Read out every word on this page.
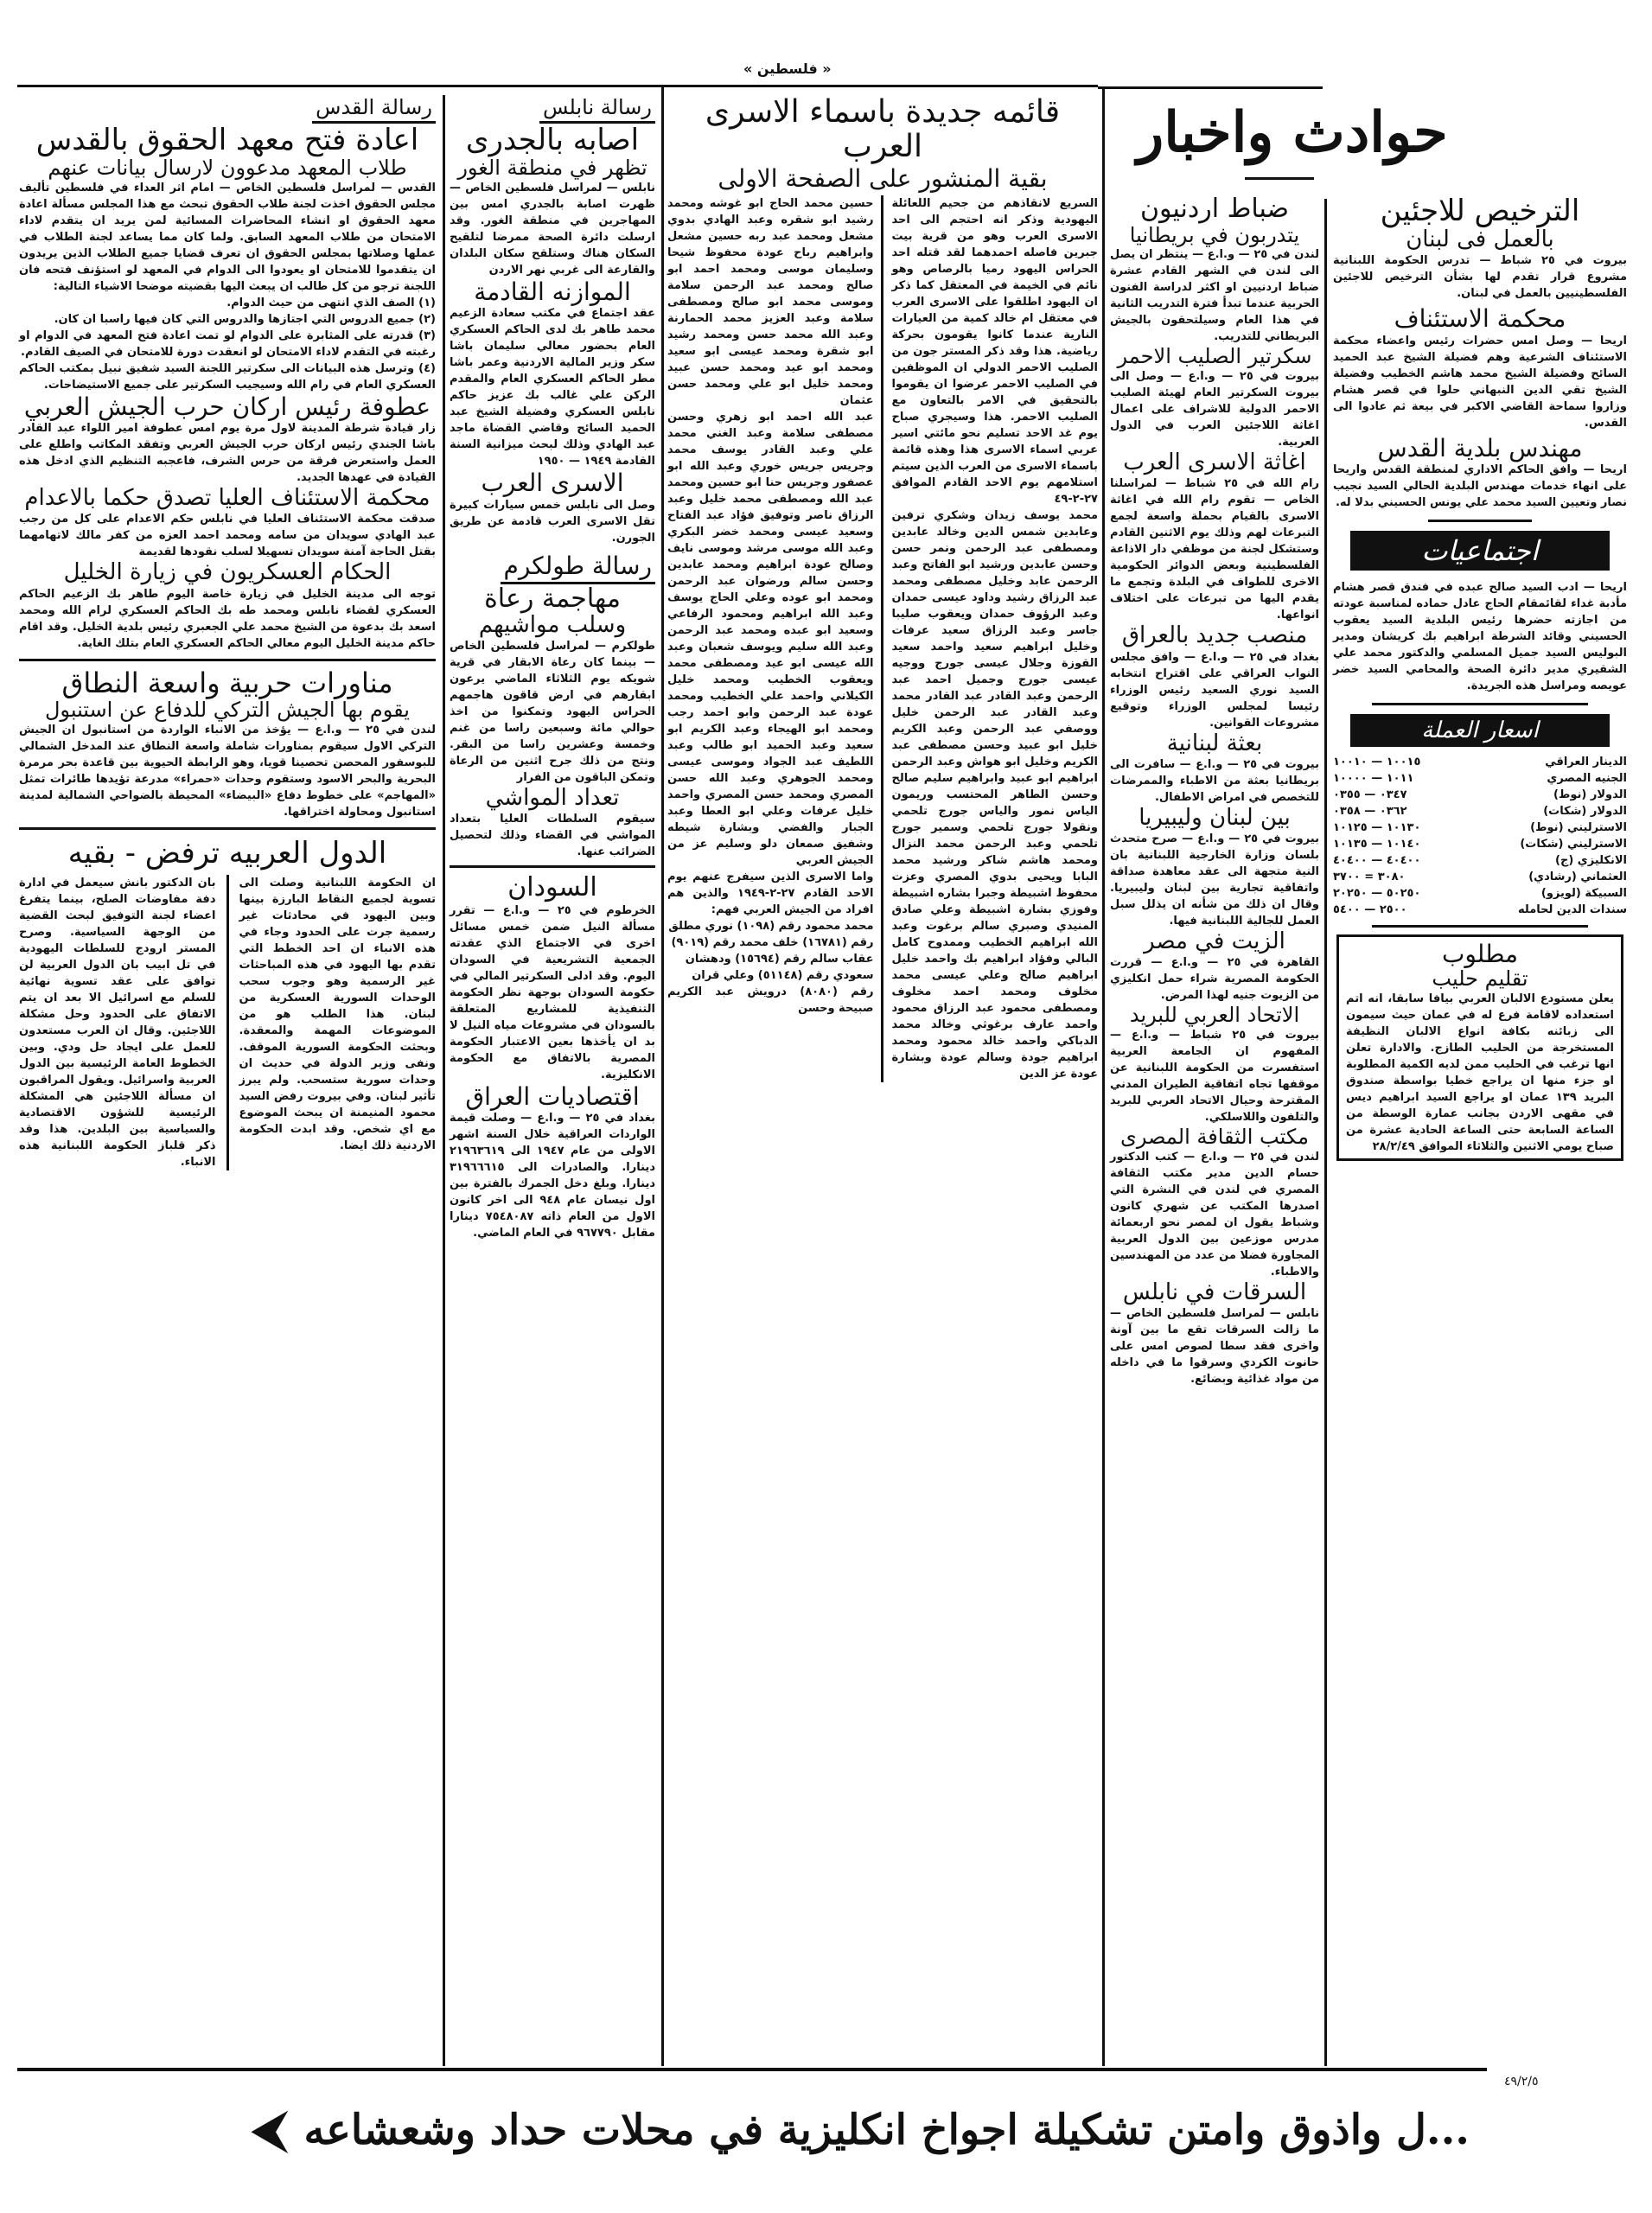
« فلسطين »
حوادث واخبار
الترخيص للاجئين
بالعمل فى لبنان

بيروت في ٢٥ شباط — تدرس الحكومة اللبنانية مشروع قرار تقدم لها بشأن الترخيص للاجئين الفلسطينيين بالعمل في لبنان.

محكمة الاستئناف

اريحا — وصل امس حضرات رئيس واعضاء محكمة الاستئناف الشرعية وهم فضيلة الشيخ عبد الحميد السائح وفضيلة الشيخ محمد هاشم الخطيب وفضيلة الشيخ تقي الدين النبهاني حلوا في قصر هشام وزاروا سماحة القاضي الاكبر في بيعة ثم عادوا الى القدس.

مهندس بلدية القدس

اريحا — وافق الحاكم الاداري لمنطقة القدس واريحا على انهاء خدمات مهندس البلدية الحالي السيد نجيب نصار وتعيين السيد محمد علي يونس الحسيني بدلا له.

اجتماعيات

اريحا — ادب السيد صالح عبده في فندق قصر هشام مأدبة غداء لقائمقام الحاج عادل حماده لمناسبة عودته من اجازته حضرها رئيس البلدية السيد يعقوب الحسيني وقائد الشرطة ابراهيم بك كريشان ومدير البوليس السيد جميل المسلمي والدكتور محمد علي الشقيري مدير دائرة الصحة والمحامي السيد خضر عويصه ومراسل هذه الجريدة.

اسعار العملة
الدينار العراقي	١٠٠١٥ — ١٠٠١٠
الجنيه المصري	١٠١١ — ١٠٠٠٠
الدولار (نوط)	٠٣٤٧ — ٠٣٥٥
الدولار (شكات)	٠٣٦٢ — ٠٣٥٨
الاسترليني (نوط)	١٠١٣٠ — ١٠١٢٥
الاسترليني (شكات)	١٠١٤٠ — ١٠١٣٥
الانكليزي (ج)	٤٠٤٠٠ — ٤٠٤٠٠
العثماني (رشادي)	٣٠٨٠ = ٣٧٠٠
السبيكة (لويزو)	٥٠٢٥٠ — ٢٠٢٥٠
سندات الدين لحامله	٢٥٠٠ — ٥٤٠٠
مطلوب
تقليم حليب

يعلن مستودع الالبان العربي بيافا سابقا، انه اتم استعداده لاقامة فرع له في عمان حيث سيمون الى زبائنه بكافة انواع الالبان النظيفة المستخرجة من الحليب الطازج. والادارة تعلن انها ترغب في الحليب ممن لديه الكمية المطلوبة او جزء منها ان يراجع خطيا بواسطة صندوق البريد ١٣٩ عمان او يراجع السيد ابراهيم ديس في مقهى الاردن بجانب عمارة الوسطة من الساعة السابعة حتى الساعة الحادية عشرة من صباح يومي الاثنين والثلاثاء الموافق ٢٨/٢/٤٩

ضباط اردنيون
يتدربون في بريطانيا

لندن في ٢٥ — و.ا.ع — ينتظر ان يصل الى لندن في الشهر القادم عشرة ضباط اردنيين او اكثر لدراسة الفنون الحربية عندما تبدأ فترة التدريب الثانية في هذا العام وسيلتحقون بالجيش البريطاني للتدريب.

سكرتير الصليب الاحمر

بيروت في ٢٥ — و.ا.ع — وصل الى بيروت السكرتير العام لهيئة الصليب الاحمر الدولية للاشراف على اعمال اغاثة اللاجئين العرب في الدول العربية.

اغاثة الاسرى العرب

رام الله في ٢٥ شباط — لمراسلنا الخاص — تقوم رام الله في اغاثة الاسرى بالقيام بحملة واسعة لجمع التبرعات لهم وذلك يوم الاثنين القادم وستشكل لجنة من موظفي دار الاذاعة الفلسطينية وبعض الدوائر الحكومية الاخرى للطواف في البلدة وتجمع ما يقدم اليها من تبرعات على اختلاف انواعها.

منصب جديد بالعراق

بغداد في ٢٥ — و.ا.ع — وافق مجلس النواب العراقي على اقتراح انتخابه السيد نوري السعيد رئيس الوزراء رئيسا لمجلس الوزراء وتوقيع مشروعات القوانين.

بعثة لبنانية

بيروت في ٢٥ — و.ا.ع — سافرت الى بريطانيا بعثة من الاطباء والممرضات للتخصص في امراض الاطفال.

بين لبنان وليبيريا

بيروت في ٢٥ — و.ا.ع — صرح متحدث بلسان وزارة الخارجية اللبنانية بان النية متجهة الى عقد معاهدة صداقة واتفاقية تجارية بين لبنان وليبيريا. وقال ان ذلك من شأنه ان يذلل سبل العمل للجالية اللبنانية فيها.

الزيت في مصر

القاهرة في ٢٥ — و.ا.ع — قررت الحكومة المصرية شراء حمل انكليزي من الزيوت جنيه لهذا المرض.

الاتحاد العربي للبريد

بيروت في ٢٥ شباط — و.ا.ع — المفهوم ان الجامعة العربية استفسرت من الحكومة اللبنانية عن موقفها تجاه اتفاقية الطيران المدني المقترحة وحيال الاتحاد العربي للبريد والتلفون واللاسلكي.

مكتب الثقافة المصرى

لندن في ٢٥ — و.ا.ع — كتب الدكتور حسام الدين مدير مكتب الثقافة المصري في لندن في النشرة التي اصدرها المكتب عن شهري كانون وشباط يقول ان لمصر نحو اربعمائة مدرس موزعين بين الدول العربية المجاورة فضلا من عدد من المهندسين والاطباء.

السرقات في نابلس

نابلس — لمراسل فلسطين الخاص — ما زالت السرقات تقع ما بين آونة واخرى فقد سطا لصوص امس على حانوت الكردي وسرقوا ما في داخله من مواد غذائية وبضائع.

قائمه جديدة باسماء الاسرى العرب
بقية المنشور على الصفحة الاولى

السريع لانقاذهم من جحيم اللعائلة اليهودية وذكر انه احتجم الى احد الاسرى العرب وهو من قرية بيت جبرين فاصله احمدهما لقد قتله احد الحراس اليهود رميا بالرصاص وهو نائم في الخيمة في المعتقل كما ذكر ان اليهود اطلقوا على الاسرى العرب في معتقل ام خالد كمية من العيارات النارية عندما كانوا يقومون بحركة رياضية. هذا وقد ذكر المستر جون من الصليب الاحمر الدولي ان الموظفين في الصليب الاحمر عرضوا ان يقوموا بالتحقيق في الامر بالتعاون مع الصليب الاحمر. هذا وسيجري صباح يوم غد الاحد تسليم نحو مائتي اسير عربي اسماء الاسرى هذا وهذه قائمة باسماء الاسرى من العرب الذين سيتم استلامهم يوم الاحد القادم الموافق ٢٧-٢-٤٩

محمد يوسف زيدان وشكري ترفين وعابدين شمس الدين وخالد عابدين ومصطفى عبد الرحمن ونمر حسن وحسن عابدين ورشيد ابو الفاتح وعبد الرحمن عابد وخليل مصطفى ومحمد عبد الرزاق رشيد وداود عيسى حمدان وعبد الرؤوف حمدان ويعقوب صليبا جاسر وعبد الرزاق سعيد عرفات وخليل ابراهيم سعيد واحمد سعيد القوزة وجلال عيسى جورج ووجيه عيسى جورج وجميل احمد عبد الرحمن وعبد القادر عبد القادر محمد وعبد القادر عبد الرحمن خليل ووصفي عبد الرحمن وعبد الكريم خليل ابو عبيد وحسن مصطفى عبد الكريم وخليل ابو هواش وعبد الرحمن ابراهيم ابو عبيد وابراهيم سليم صالح وحسن الطاهر المحتسب وريمون الياس نمور والياس جورج تلحمي ونقولا جورج تلحمي وسمير جورج تلحمي وعبد الرحمن محمد النزال ومحمد هاشم شاكر ورشيد محمد البابا ويحيى بدوي المصري وعزت محفوظ اشبيطة وجبرا بشاره اشبيطة وفوزي بشارة اشبيطة وعلي صادق المنيدي وصبري سالم برغوت وعبد الله ابراهيم الخطيب وممدوح كامل البالي وفؤاد ابراهيم بك واحمد خليل ابراهيم صالح وعلي عيسى محمد مخلوف ومحمد احمد مخلوف ومصطفى محمود عبد الرزاق محمود واحمد عارف برغوثي وخالد محمد الدباكي واحمد خالد محمود ومحمد ابراهيم جودة وسالم عودة وبشارة عودة عز الدين

حسين محمد الحاج ابو غوشه ومحمد رشيد ابو شقره وعبد الهادي بدوي مشعل ومحمد عبد ربه حسين مشعل وابراهيم رباح عودة محفوظ شيحا وسليمان موسى ومحمد احمد ابو صالح ومحمد عبد الرحمن سلامة وموسى محمد ابو صالح ومصطفى سلامة وعبد العزيز محمد الحمارنة وعبد الله محمد حسن ومحمد رشيد ابو شقرة ومحمد عيسى ابو سعيد ومحمد ابو عيد ومحمد حسن عبيد ومحمد خليل ابو علي ومحمد حسن عثمان

عبد الله احمد ابو زهري وحسن مصطفى سلامة وعبد الغني محمد علي وعبد القادر يوسف محمد وجريس جريس خوري وعبد الله ابو عصفور وجريس حنا ابو حسين ومحمد عبد الله ومصطفى محمد خليل وعبد الرزاق ناصر وتوفيق فؤاد عبد الفتاح وسعيد عيسى ومحمد خضر البكري وعبد الله موسى مرشد وموسى نايف وصالح عودة ابراهيم ومحمد عابدين وحسن سالم ورضوان عبد الرحمن ومحمد ابو عوده وعلي الحاج يوسف وعبد الله ابراهيم ومحمود الرفاعي وسعيد ابو عبده ومحمد عبد الرحمن وعبد الله سليم ويوسف شعبان وعبد الله عيسى ابو عيد ومصطفى محمد ويعقوب الخطيب ومحمد خليل الكيلاني واحمد علي الخطيب ومحمد عودة عبد الرحمن وابو احمد رجب ومحمد ابو الهيجاء وعبد الكريم ابو سعيد وعبد الحميد ابو طالب وعبد اللطيف عبد الجواد وموسى عيسى ومحمد الجوهري وعبد الله حسن المصري ومحمد حسن المصري واحمد خليل عرفات وعلي ابو العطا وعبد الجبار والفضي وبشارة شيطه وشفيق صمعان دلو وسليم عز من الجيش العربي

واما الاسرى الذين سيفرج عنهم يوم الاحد القادم ٢٧-٢-١٩٤٩ والذين هم افراد من الجيش العربي فهم:

محمد محمود رقم (١٠٩٨) نوري مطلق

رقم (١٦٧٨١) خلف محمد رقم (٩٠١٩)

عقاب سالم رقم (١٥٦٩٤) ودهشان

سعودي رقم (٥١١٤٨) وعلي قران

رقم (٨٠٨٠) درويش عبد الكريم صبيحة وحسن

رسالة نابلس
اصابه بالجدرى
تظهر في منطقة الغور

نابلس — لمراسل فلسطين الخاص — ظهرت اصابة بالجدري امس بين المهاجرين في منطقة الغور. وقد ارسلت دائرة الصحة ممرضا لتلقيح السكان هناك وستلقح سكان البلدان والقارعة الى غربي نهر الاردن

الموازنه القادمة

عقد اجتماع في مكتب سعادة الزعيم محمد طاهر بك لدى الحاكم العسكري العام بحضور معالي سليمان باشا سكر وزير المالية الاردنية وعمر باشا مطر الحاكم العسكري العام والمقدم الركن علي غالب بك عزيز حاكم نابلس العسكري وفضيلة الشيخ عبد الحميد السائح وقاضي القضاة ماجد عبد الهادي وذلك لبحث ميزانية السنة القادمة ١٩٤٩ — ١٩٥٠

الاسرى العرب

وصل الى نابلس خمس سيارات كبيرة تقل الاسرى العرب قادمة عن طريق الجورن.

رسالة طولكرم
مهاجمة رعاة
وسلب مواشيهم

طولكرم — لمراسل فلسطين الخاص — بينما كان رعاة الابقار في قرية شويكه يوم الثلاثاء الماضي يرعون ابقارهم في ارض قاقون هاجمهم الحراس اليهود وتمكنوا من اخذ حوالي مائة وسبعين راسا من غنم وخمسة وعشرين راسا من البقر. ونتج من ذلك جرح اثنين من الرعاة وتمكن الباقون من الفرار

تعداد المواشي

سيقوم السلطات العليا بتعداد المواشي في القضاء وذلك لتحصيل الضرائب عنها.

السودان

الخرطوم في ٢٥ — و.ا.ع — تقرر مسألة النيل ضمن خمس مسائل اخرى في الاجتماع الذي عقدته الجمعية التشريعية في السودان اليوم. وقد ادلى السكرتير المالي في حكومة السودان بوجهة نظر الحكومة التنفيذية للمشاريع المتعلقة بالسودان في مشروعات مياه النيل لا بد ان يأخذها بعين الاعتبار الحكومة المصرية بالاتفاق مع الحكومة الانكليزية.

اقتصاديات العراق

بغداد في ٢٥ — و.ا.ع — وصلت قيمة الواردات العراقية خلال السنة اشهر الاولى من عام ١٩٤٧ الى ٢١٩٦٣٦١٩ دينارا. والصادرات الى ٣١٩٦٦٦١٥ دينارا. وبلغ دخل الجمرك بالفترة بين اول نيسان عام ٩٤٨ الى اخر كانون الاول من العام ذاته ٧٥٤٨٠٨٧ دينارا مقابل ٩٦٧٧٩٠ في العام الماضي.

رسالة القدس
اعادة فتح معهد الحقوق بالقدس
طلاب المعهد مدعوون لارسال بيانات عنهم

القدس — لمراسل فلسطين الخاص — امام اثر العداء في فلسطين تأليف مجلس الحقوق اخذت لجنة طلاب الحقوق تبحث مع هذا المجلس مسألة اعادة معهد الحقوق او انشاء المحاضرات المسائية لمن يريد ان يتقدم لاداء الامتحان من طلاب المعهد السابق. ولما كان مما يساعد لجنة الطلاب في عملها وصلاتها بمجلس الحقوق ان تعرف قضايا جميع الطلاب الذين يريدون ان يتقدموا للامتحان او يعودوا الى الدوام في المعهد لو استؤنف فتحه فان اللجنة ترجو من كل طالب ان يبعث اليها بقضيته موضحا الاشياء التالية:

(١) الصف الذي انتهى من حيث الدوام.

(٢) جميع الدروس التي اجتازها والدروس التي كان فيها راسبا ان كان.

(٣) قدرته على المثابرة على الدوام لو تمت اعادة فتح المعهد في الدوام او رغبته في التقدم لاداء الامتحان لو انعقدت دورة للامتحان في الصيف القادم.

(٤) وترسل هذه البيانات الى سكرتير اللجنة السيد شفيق نبيل بمكتب الحاكم العسكري العام في رام الله وسيجيب السكرتير على جميع الاستيضاحات.

عطوفة رئيس اركان حرب الجيش العربي

زار قيادة شرطة المدينة لاول مرة يوم امس عطوفة امير اللواء عبد القادر باشا الجندي رئيس اركان حرب الجيش العربي وتفقد المكاتب واطلع على العمل واستعرض فرقة من حرس الشرف، فاعجبه التنظيم الذي ادخل هذه القيادة في عهدها الجديد.

محكمة الاستئناف العليا تصدق حكما بالاعدام

صدقت محكمة الاستئناف العليا في نابلس حكم الاعدام على كل من رجب عبد الهادي سويدان من سامه ومحمد احمد العزه من كفر مالك لاتهامهما بقتل الحاجة آمنة سويدان تسهيلا لسلب نقودها لقديمة

الحكام العسكريون في زيارة الخليل

توجه الى مدينة الخليل في زيارة خاصة اليوم طاهر بك الزعيم الحاكم العسكري لقضاء نابلس ومحمد طه بك الحاكم العسكري لرام الله ومحمد اسعد بك بدعوة من الشيخ محمد علي الجعبري رئيس بلدية الخليل. وقد اقام حاكم مدينة الخليل اليوم معالي الحاكم العسكري العام بتلك الغاية.

مناورات حربية واسعة النطاق
يقوم بها الجيش التركي للدفاع عن استنبول

لندن في ٢٥ — و.ا.ع — يؤخذ من الانباء الواردة من استانبول ان الجيش التركي الاول سيقوم بمناورات شاملة واسعة النطاق عند المدخل الشمالي للبوسفور المحصن تحصينا قويا، وهو الرابطة الحيوية بين قاعدة بحر مرمرة البحرية والبحر الاسود وستقوم وحدات «حمراء» مدرعة تؤيدها طائرات تمثل «المهاجم» على خطوط دفاع «البيضاء» المحيطة بالضواحي الشمالية لمدينة استانبول ومحاولة اختراقها.

الدول العربيه ترفض - بقيه

ان الحكومة اللبنانية وصلت الى تسوية لجميع النقاط البارزة بينها وبين اليهود في محادثات غير رسمية جرت على الحدود وجاء في هذه الانباء ان احد الخطط التي تقدم بها اليهود في هذه المباحثات غير الرسمية وهو وجوب سحب الوحدات السورية العسكرية من لبنان. هذا الطلب هو من الموضوعات المهمة والمعقدة. وبحثت الحكومة السورية الموقف. ونفى وزير الدولة في حديث ان وحدات سورية ستسحب. ولم يبرز تأثير لبنان. وفي بيروت رفض السيد محمود المنيمنة ان يبحث الموضوع مع اي شخص. وقد ابدت الحكومة الاردنية ذلك ايضا.

بان الدكتور بانش سيعمل في ادارة دفة مفاوضات الصلح، بينما يتفرغ اعضاء لجنة التوفيق لبحث القضية من الوجهة السياسية. وصرح المستر ارودج للسلطات اليهودية في تل ابيب بان الدول العربية لن توافق على عقد تسوية نهائية للسلم مع اسرائيل الا بعد ان يتم الاتفاق على الحدود وحل مشكلة اللاجئين. وقال ان العرب مستعدون للعمل على ايجاد حل ودي. وبين الخطوط العامة الرئيسية بين الدول العربية واسرائيل. ويقول المراقبون ان مسألة اللاجئين هي المشكلة الرئيسية للشؤون الاقتصادية والسياسية بين البلدين. هذا وقد ذكر قلباز الحكومة اللبنانية هذه الانباء.

٤٩/٢/٥
...ل واذوق وامتن تشكيلة اجواخ انكليزية في محلات حداد وشعشاعه
⮜
